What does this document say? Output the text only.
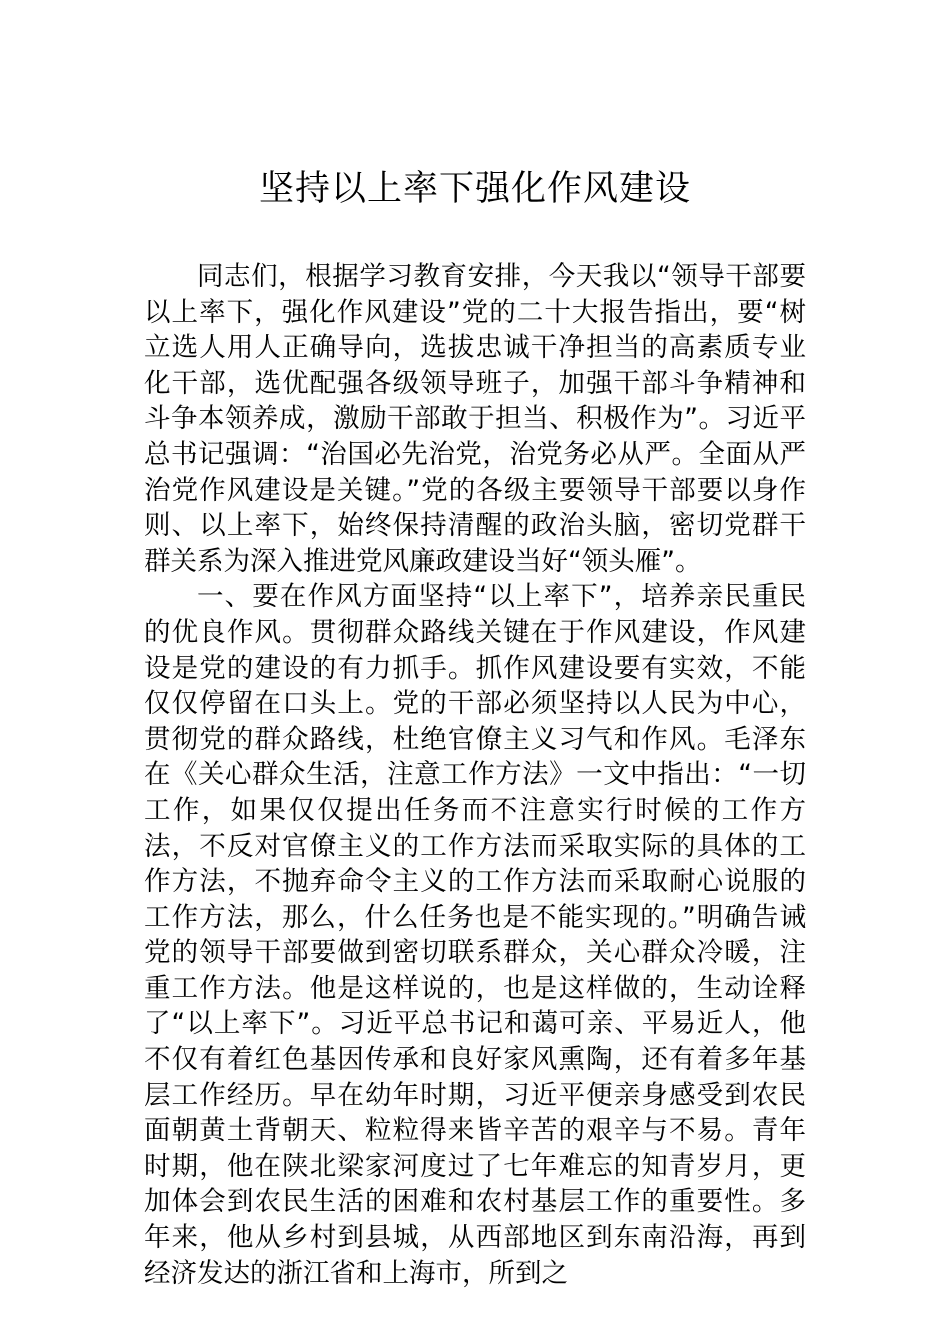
坚持以上率下强化作风建设

同志们，根据学习教育安排，今天我以“领导干部要以上率下，强化作风建设”党的二十大报告指出，要“树立选人用人正确导向，选拔忠诚干净担当的高素质专业化干部，选优配强各级领导班子，加强干部斗争精神和斗争本领养成，激励干部敢于担当、积极作为”。习近平总书记强调：“治国必先治党，治党务必从严。全面从严治党作风建设是关键。”党的各级主要领导干部要以身作则、以上率下，始终保持清醒的政治头脑，密切党群干群关系为深入推进党风廉政建设当好“领头雁”。

一、要在作风方面坚持“以上率下”，培养亲民重民的优良作风。贯彻群众路线关键在于作风建设，作风建设是党的建设的有力抓手。抓作风建设要有实效，不能仅仅停留在口头上。党的干部必须坚持以人民为中心，贯彻党的群众路线，杜绝官僚主义习气和作风。毛泽东在《关心群众生活，注意工作方法》一文中指出：“一切工作，如果仅仅提出任务而不注意实行时候的工作方法，不反对官僚主义的工作方法而采取实际的具体的工作方法，不抛弃命令主义的工作方法而采取耐心说服的工作方法，那么，什么任务也是不能实现的。”明确告诫党的领导干部要做到密切联系群众，关心群众冷暖，注重工作方法。他是这样说的，也是这样做的，生动诠释了“以上率下”。习近平总书记和蔼可亲、平易近人，他不仅有着红色基因传承和良好家风熏陶，还有着多年基层工作经历。早在幼年时期，习近平便亲身感受到农民面朝黄土背朝天、粒粒得来皆辛苦的艰辛与不易。青年时期，他在陕北梁家河度过了七年难忘的知青岁月，更加体会到农民生活的困难和农村基层工作的重要性。多年来，他从乡村到县城，从西部地区到东南沿海，再到经济发达的浙江省和上海市，所到之
